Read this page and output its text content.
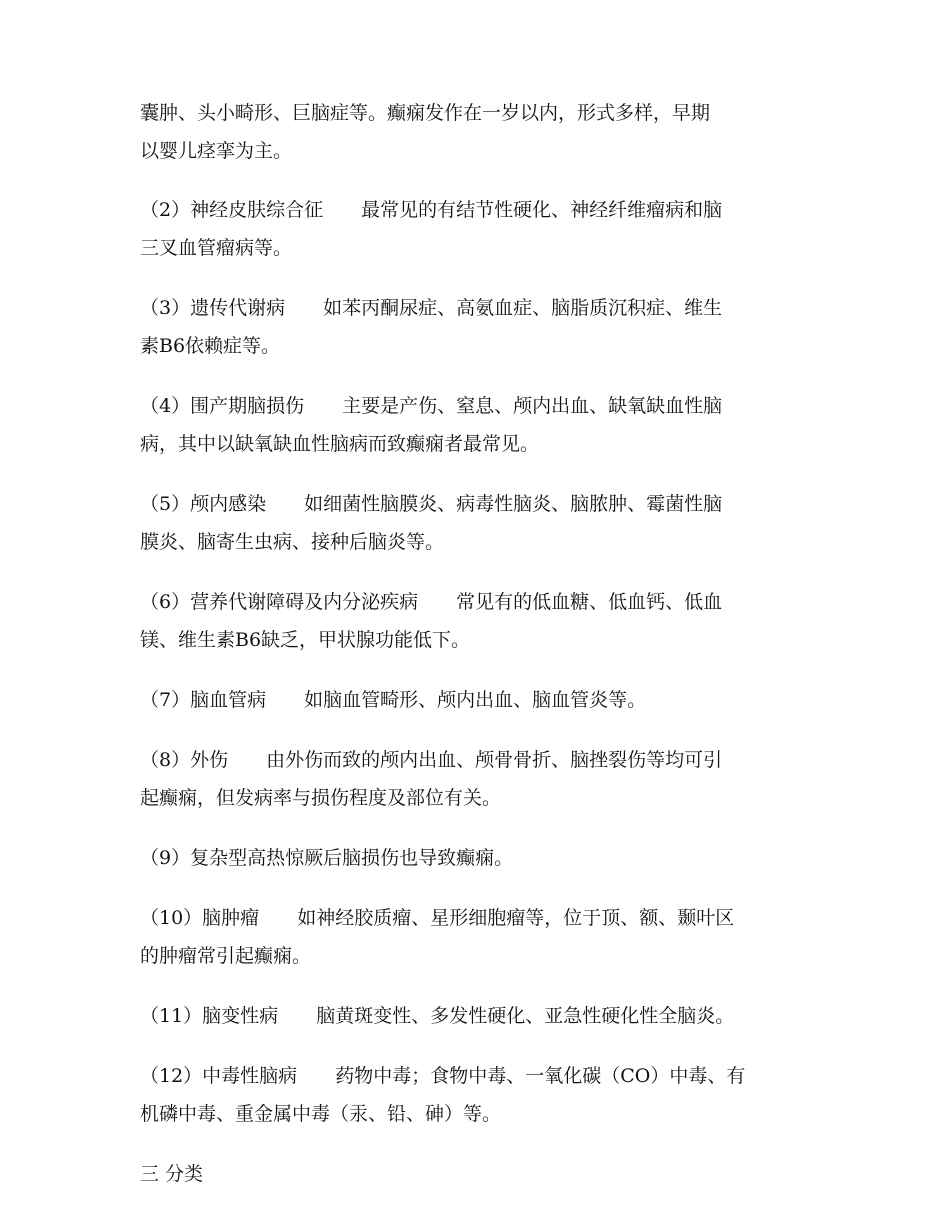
囊肿、头小畸形、巨脑症等。癫痫发作在一岁以内，形式多样，早期
以婴儿痉挛为主。

（2）神经皮肤综合征　　 最常见的有结节性硬化、神经纤维瘤病和脑
三叉血管瘤病等。

（3）遗传代谢病　　 如苯丙酮尿症、高氨血症、脑脂质沉积症、维生
素B6依赖症等。

（4）围产期脑损伤　　 主要是产伤、窒息、颅内出血、缺氧缺血性脑
病，其中以缺氧缺血性脑病而致癫痫者最常见。

（5）颅内感染　　 如细菌性脑膜炎、病毒性脑炎、脑脓肿、霉菌性脑
膜炎、脑寄生虫病、接种后脑炎等。

（6）营养代谢障碍及内分泌疾病　　 常见有的低血糖、低血钙、低血
镁、维生素B6缺乏，甲状腺功能低下。

（7）脑血管病　　 如脑血管畸形、颅内出血、脑血管炎等。

（8）外伤　　 由外伤而致的颅内出血、颅骨骨折、脑挫裂伤等均可引
起癫痫，但发病率与损伤程度及部位有关。

（9）复杂型高热惊厥后脑损伤也导致癫痫。

（10）脑肿瘤　　 如神经胶质瘤、星形细胞瘤等，位于顶、额、颞叶区
的肿瘤常引起癫痫。

（11）脑变性病　　 脑黄斑变性、多发性硬化、亚急性硬化性全脑炎。

（12）中毒性脑病　　 药物中毒；食物中毒、一氧化碳（CO）中毒、有
机磷中毒、重金属中毒（汞、铅、砷）等。

三 分类
